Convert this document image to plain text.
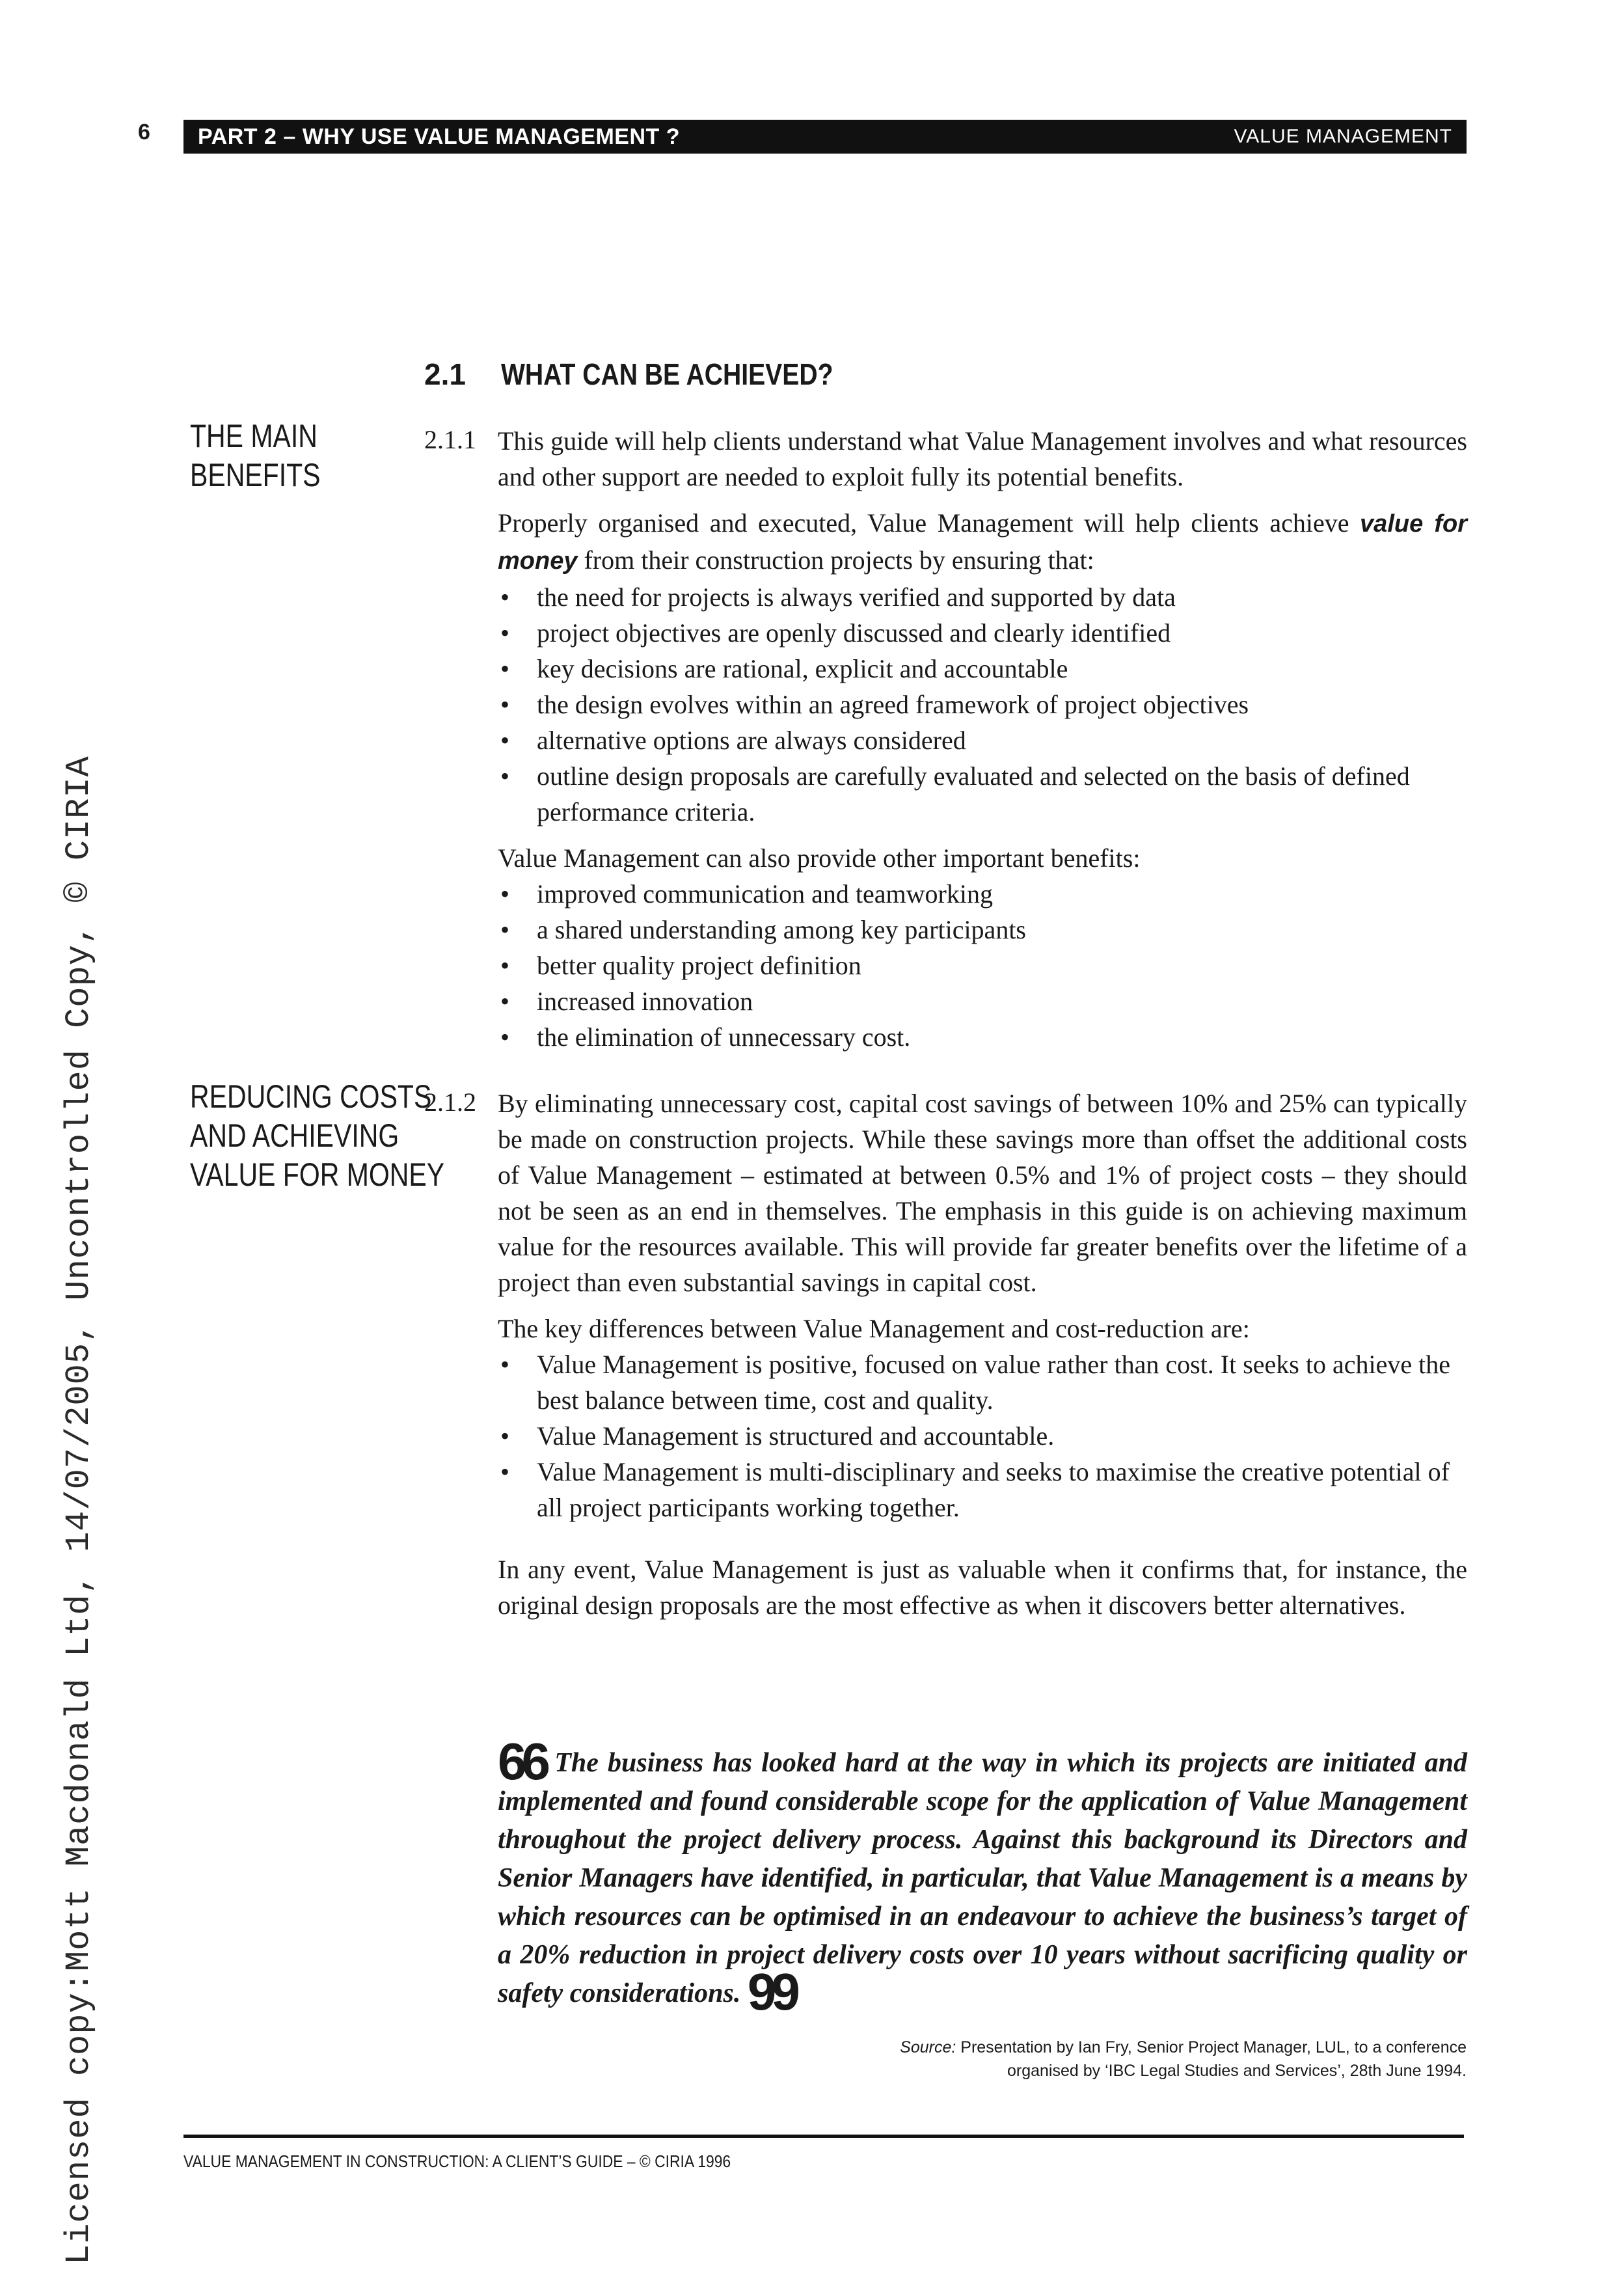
6 PART 2 – WHY USE VALUE MANAGEMENT ?	VALUE MANAGEMENT
2.1 WHAT CAN BE ACHIEVED?
THE MAIN
BENEFITS
2.1.1 This guide will help clients understand what Value Management involves and what resources and other support are needed to exploit fully its potential benefits.

Properly organised and executed, Value Management will help clients achieve value for money from their construction projects by ensuring that:

• the need for projects is always verified and supported by data
• project objectives are openly discussed and clearly identified
• key decisions are rational, explicit and accountable
• the design evolves within an agreed framework of project objectives
• alternative options are always considered
• outline design proposals are carefully evaluated and selected on the basis of defined performance criteria.

Value Management can also provide other important benefits:

• improved communication and teamworking
• a shared understanding among key participants
• better quality project definition
• increased innovation
• the elimination of unnecessary cost.
REDUCING COSTS
AND ACHIEVING
VALUE FOR MONEY
2.1.2 By eliminating unnecessary cost, capital cost savings of between 10% and 25% can typically be made on construction projects. While these savings more than offset the additional costs of Value Management – estimated at between 0.5% and 1% of project costs – they should not be seen as an end in themselves. The emphasis in this guide is on achieving maximum value for the resources available. This will provide far greater benefits over the lifetime of a project than even substantial savings in capital cost.

The key differences between Value Management and cost-reduction are:

• Value Management is positive, focused on value rather than cost. It seeks to achieve the best balance between time, cost and quality.
• Value Management is structured and accountable.
• Value Management is multi-disciplinary and seeks to maximise the creative potential of all project participants working together.

In any event, Value Management is just as valuable when it confirms that, for instance, the original design proposals are the most effective as when it discovers better alternatives.

66 The business has looked hard at the way in which its projects are initiated and implemented and found considerable scope for the application of Value Management throughout the project delivery process. Against this background its Directors and Senior Managers have identified, in particular, that Value Management is a means by which resources can be optimised in an endeavour to achieve the business’s target of a 20% reduction in project delivery costs over 10 years without sacrificing quality or safety considerations. 99
Source: Presentation by Ian Fry, Senior Project Manager, LUL, to a conference
organised by ‘IBC Legal Studies and Services’, 28th June 1994.
VALUE MANAGEMENT IN CONSTRUCTION: A CLIENT’S GUIDE – © CIRIA 1996
Licensed copy:Mott Macdonald Ltd, 14/07/2005, Uncontrolled Copy, © CIRIA
